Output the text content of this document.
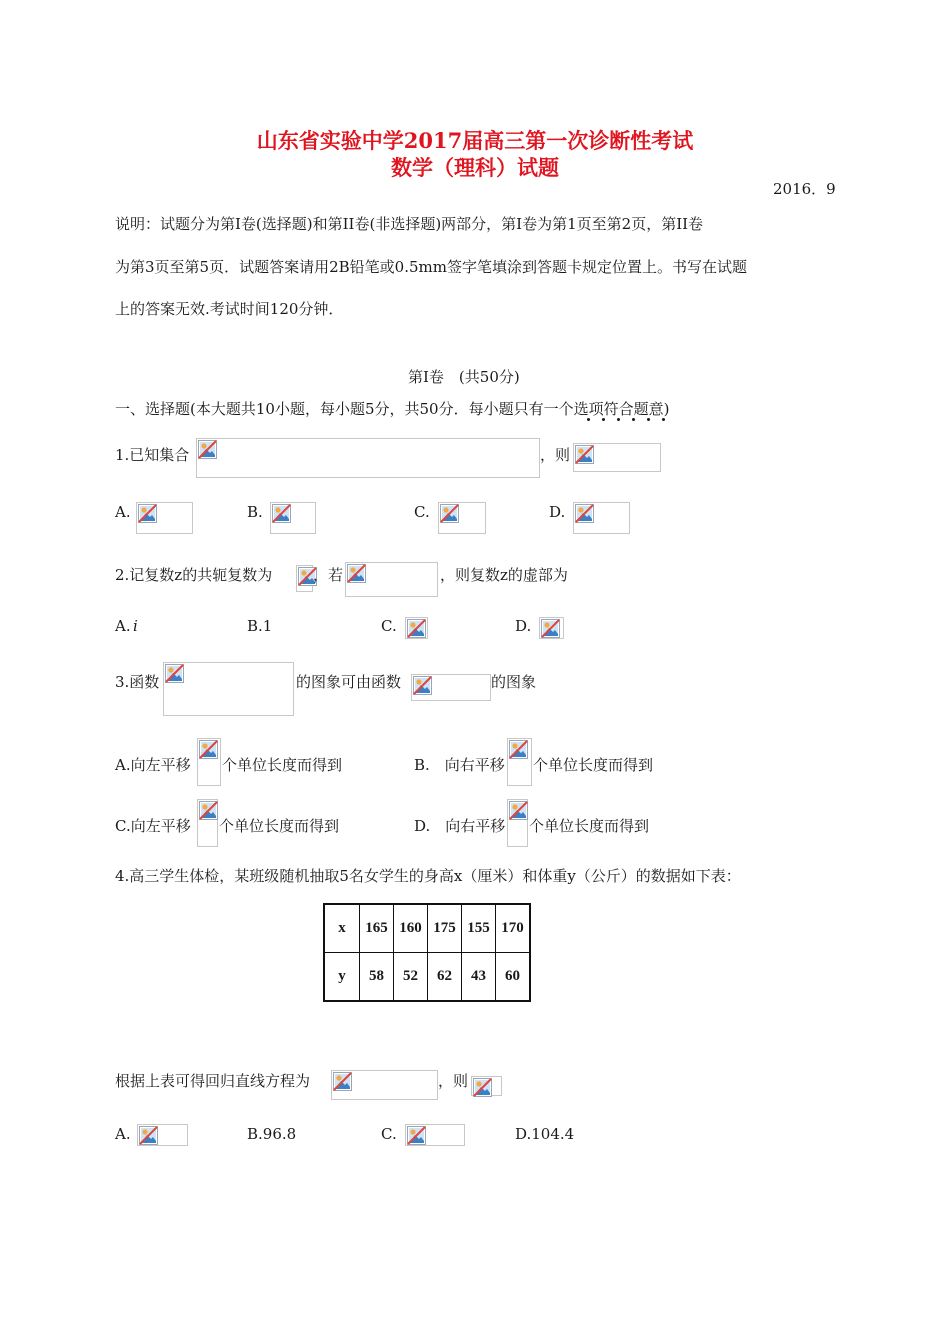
山东省实验中学2017届高三第一次诊断性考试
数学（理科）试题
2016．9
说明：试题分为第Ⅰ卷(选择题)和第II卷(非选择题)两部分，第Ⅰ卷为第1页至第2页，第II卷
为第3页至第5页．试题答案请用2B铅笔或0.5mm签字笔填涂到答题卡规定位置上。书写在试题
上的答案无效.考试时间120分钟．
第Ⅰ卷　(共50分)
一、选择题(本大题共10小题，每小题5分，共50分．每小题只有一个选项符合题意)
1.已知集合	，则
A.	B.	C.	D.
2.记复数z的共轭复数为	，若	，则复数z的虚部为
A. i	B.1	C.	D.
3.函数	的图象可由函数	的图象
A.向左平移 个单位长度而得到	B.　向右平移 个单位长度而得到
C.向左平移 个单位长度而得到	D.　向右平移 个单位长度而得到
4.高三学生体检，某班级随机抽取5名女学生的身高x（厘米）和体重y（公斤）的数据如下表：
x	165	160	175	155	170
y	58	52	62	43	60
根据上表可得回归直线方程为	，则
A.	B.96.8	C.	D.104.4
